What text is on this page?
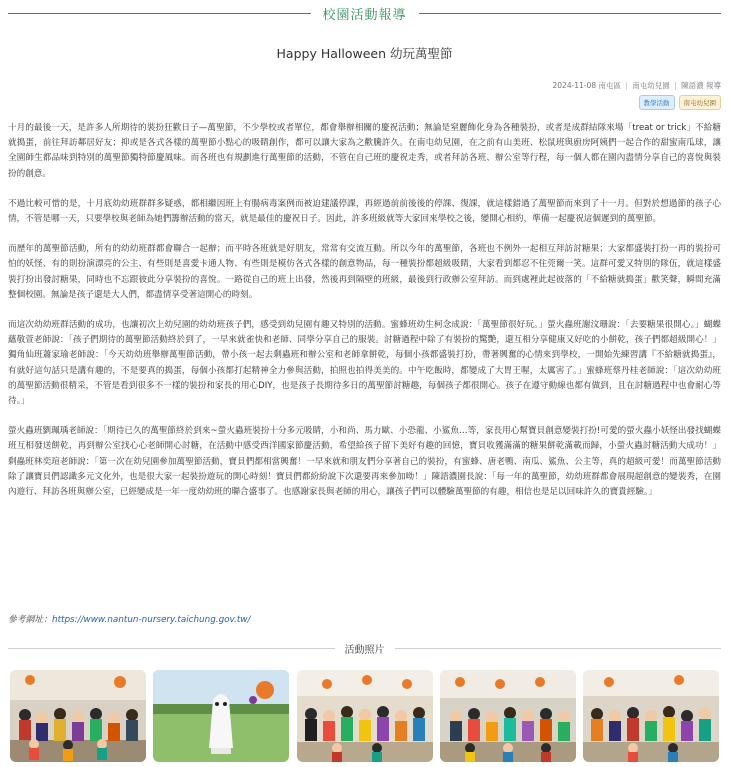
校園活動報導
Happy Halloween 幼玩萬聖節
2024-11-08 南屯區 | 南屯幼兒園 | 陳語濃 報導
教學活動	南屯幼兒園

十月的最後一天，是許多人所期待的裝扮狂歡日子—萬聖節，不少學校或者單位，都會舉辦相關的慶祝活動；無論是窒麗飾化身為各種裝扮，或者是成群結隊來場「treat or trick」不給糖就搗蛋，前往拜訪鄰居好友；抑或是各式各樣的萬聖節小點心的吸睛創作，都可以讓大家為之歡騰許久。在南屯幼兒園，在之前有山美班、松鼠班與廚房阿姨們一起合作的甜蜜南瓜球，讓全園師生都品味到特別的萬聖節獨特節慶風味。而各班也有規劃進行萬聖節的活動，不管在自己班的慶祝走秀，或者拜訪各班、辦公室等行程，每一個人都在園內盡情分享自己的喜悅與裝扮的創意。

不過比較可惜的是，十月底幼幼班群群多疑惑，都相繼因班上有腸病毒案例而被迫建議停課，再經過前前後後的停課、復課，就這樣錯過了萬聖節而來到了十一月。但對於想過節的孩子心情，不管是哪一天，只要學校與老師為她們籌辦活動的當天，就是最佳的慶祝日子。因此，許多班級就等大家回來學校之後，變開心相約，準備一起慶祝這個遲到的萬聖節。

而歷年的萬聖節活動，所有的幼幼班群都會聯合一起辦；而平時各班就是好朋友，常常有交流互動。所以今年的萬聖節，各班也不例外一起相互拜訪討糖果；大家都盛裝打扮一再的裝扮可怕的妖怪、有的則扮演漂亮的公主、有些則是喜愛卡通人物、有些則是模仿各式各樣的創意物品，每一種裝扮都超級吸睛，大家看到都忍不住莞爾一笑。這群可愛又特別的隊伍，就這樣盛裝打扮出發討糖果，同時也不忘跟彼此分享裝扮的喜悅。一路從自己的班上出發，然後再到隔壁的班級，最後到行政辦公室拜訪。而到處裡此起彼落的「不給糖就搗蛋」歡笑聲，瞬間充滿整個校園。無論是孩子還是大人們，都盡情享受著這開心的時刻。

而這次幼幼班群活動的成功，也讓初次上幼兒園的幼幼班孩子們，感受到幼兒園有趣又特別的活動。蜜蜂班幼生柯念成說：「萬聖節很好玩。」螢火蟲班謝汶珊說：「去要糖果很開心。」蝴蝶蘊敬萱老師說：「孩子們期待的萬聖節活動終於到了，一早來就雀快和老師、同學分享自己的服裝。討糖過程中除了有裝扮的驚艷，還互相分享健康又好吃的小餅乾，孩子們都超級開心！」獨角仙班蕭家瑜老師說：「今天幼幼班舉辦萬聖節活動，帶小孩一起去剩蟲班和辦公室和老師拿餅乾，每個小孩都盛裝打扮，帶著興奮的心情來到學校，一開始先練習講『不給糖就搗蛋』，有就好這句話只是講有趣的，不是要真的搗蛋，每個小孩都打起精神全力參與活動，拍照也拍得美美的。中午吃飯時，都變成了大胃王喔，太厲害了。」蜜蜂班蔡丹桂老師說：「這次幼幼班的萬聖節活動很精采，不管是看到很多不一樣的裝扮和家長的用心DIY，也是孩子長期待多日的萬聖節討糖趣，每個孩子都很開心。孩子在遵守動線也都有做到，且在討糖過程中也會耐心等待。」

螢火蟲班劉珮瑀老師說：「期待已久的萬聖節終於到來~螢火蟲班裝扮十分多元吸睛，小和尚、馬力歐、小恐龍、小鯊魚…等，家長用心幫寶貝創意變裝打扮!可愛的螢火蟲小妖怪出發找蝴蝶班互相發送餅乾，再到辦公室找心心老師開心討糖，在活動中感受西洋國家節慶活動，希望給孩子留下美好有趣的回憶，寶貝收獲滿滿的糖果餅乾滿載而歸，小螢火蟲討糖活動大成功！」剩蟲班林奕瑄老師說：「第一次在幼兒園參加萬聖節活動，寶貝們都相當興奮！一早來就和朋友們分享著自己的裝扮，有蜜蜂、唐老鴨、南瓜、鯊魚、公主等，真的超級可愛！而萬聖節活動除了讓寶貝們認識多元文化外，也是很大家一起裝扮遊玩的開心時刻！寶貝們都紛紛說下次還要再來參加呦！」陳語濃園長說：「每一年的萬聖節，幼幼班群都會展現超創意的變裝秀，在園內遊行、拜訪各班與辦公室，已經變成是一年一度幼幼班的聯合盛事了。也感謝家長與老師的用心，讓孩子們可以體驗萬聖節的有趣，相信也是足以回味許久的寶貴經驗。」

參考網址：https://www.nantun-nursery.taichung.gov.tw/
活動照片
